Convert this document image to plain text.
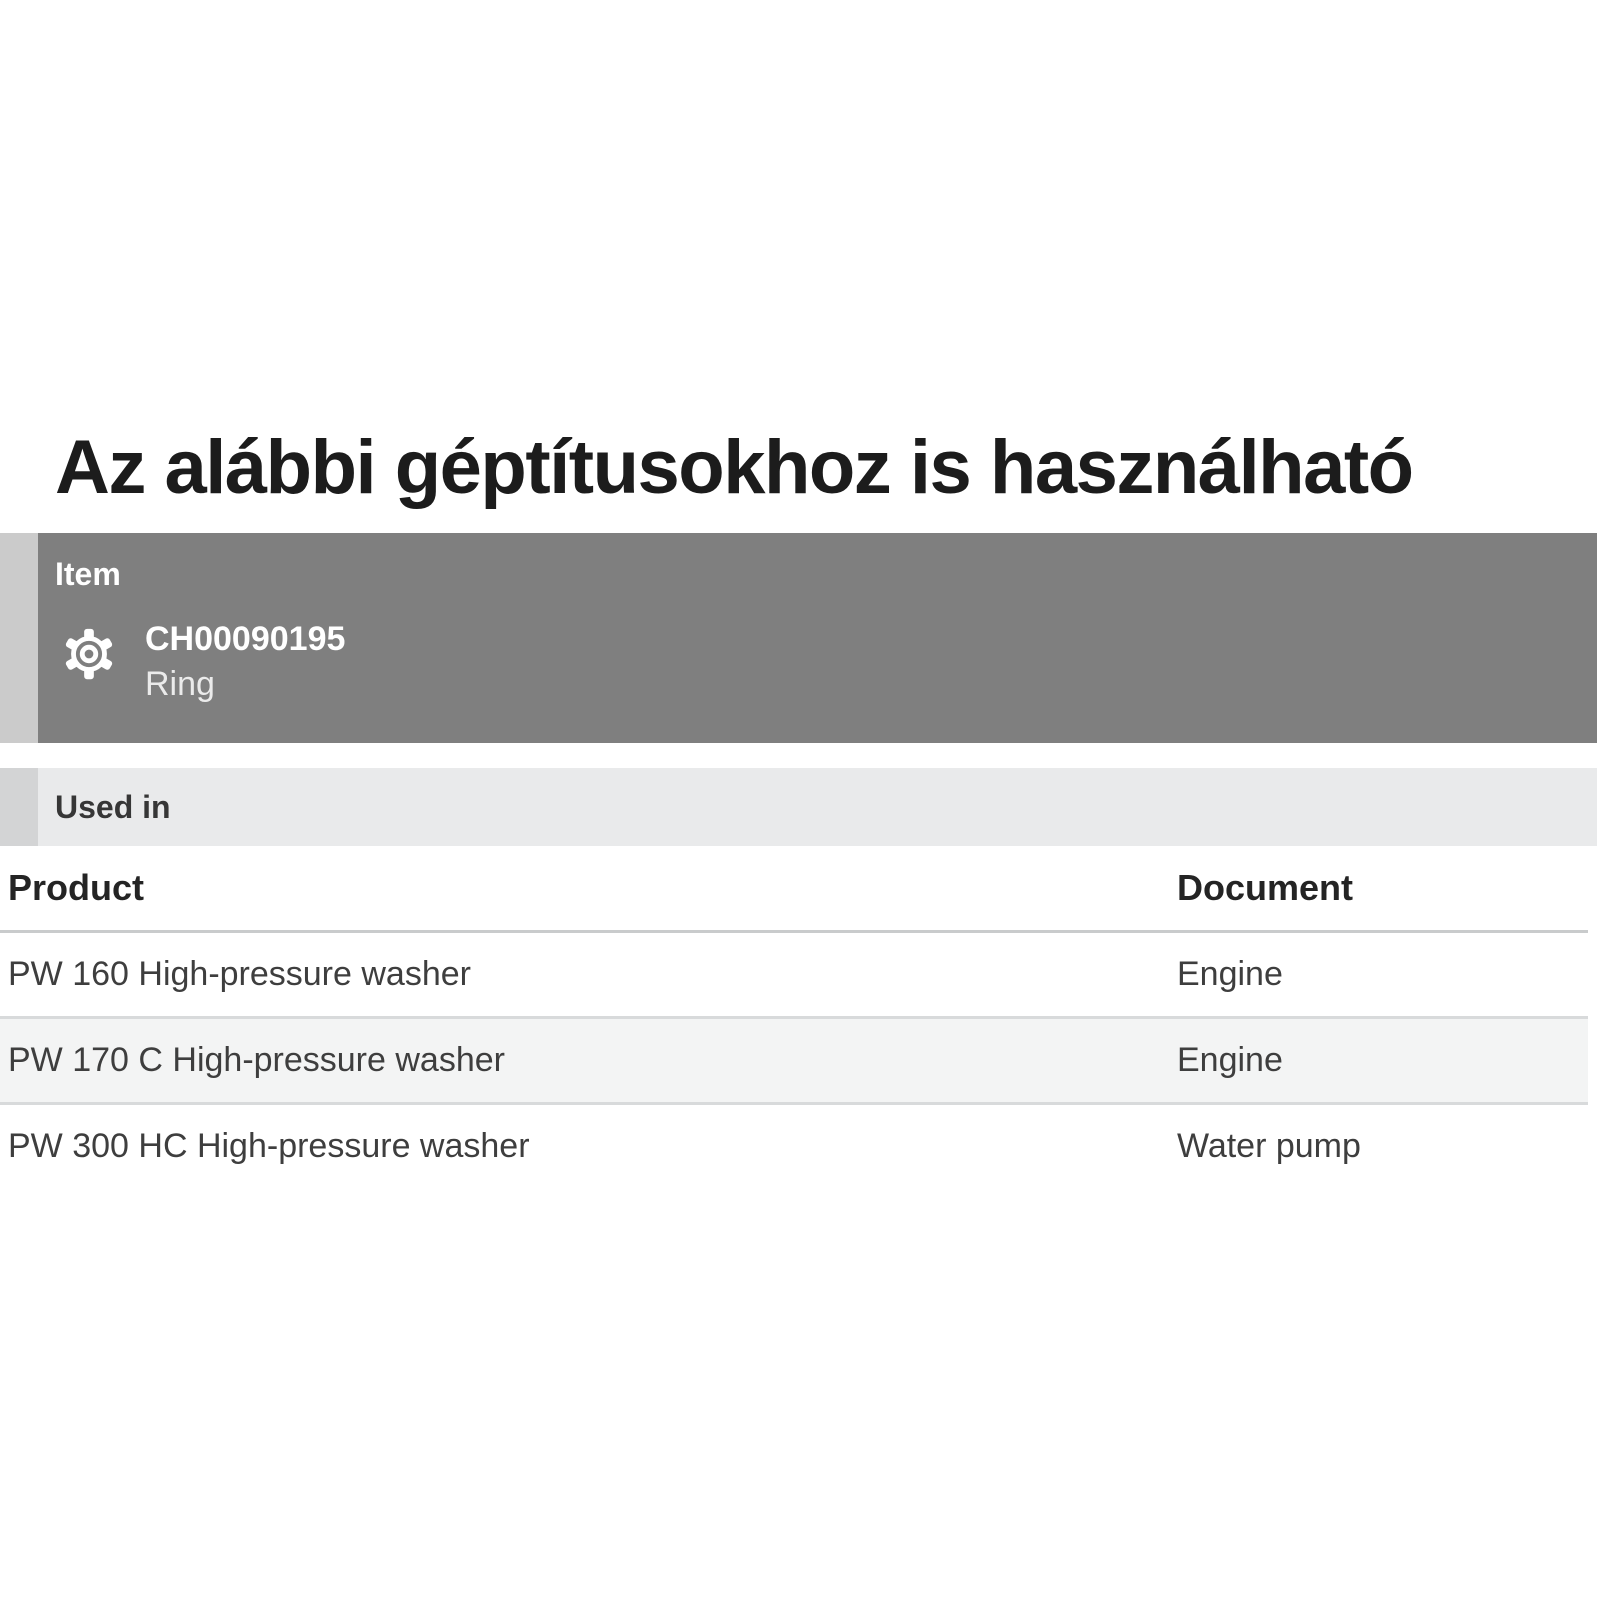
Az alábbi géptítusokhoz is használható
Item
CH00090195
Ring
Used in
Product	Document
PW 160 High-pressure washer	Engine
PW 170 C High-pressure washer	Engine
PW 300 HC High-pressure washer	Water pump
